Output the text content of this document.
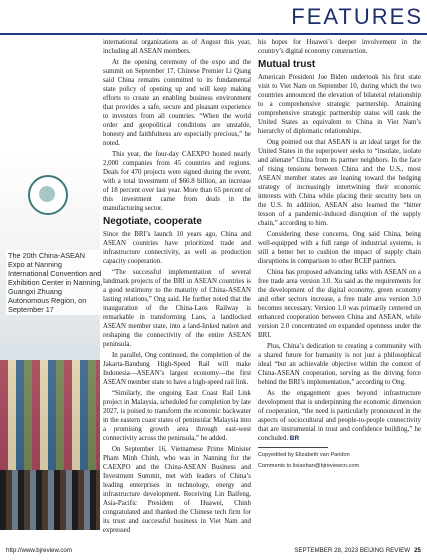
FEATURES
The 20th China-ASEAN Expo at Nanning International Convention and Exhibition Center in Nanning, Guangxi Zhuang Autonomous Region, on September 17

international organizations as of August this year, including all ASEAN members.

At the opening ceremony of the expo and the summit on September 17, Chinese Premier Li Qiang said China remains committed to its fundamental state policy of opening up and will keep making efforts to create an enabling business environment that provides a safe, secure and pleasant experience to investors from all countries. “When the world order and geopolitical conditions are unstable, honesty and faithfulness are especially precious,” he noted.

This year, the four-day CAEXPO hosted nearly 2,000 companies from 45 countries and regions. Deals for 470 projects were signed during the event, with a total investment of $66.8 billion, an increase of 18 percent over last year. More than 65 percent of this investment came from deals in the manufacturing sector.

Negotiate, cooperate

Since the BRI’s launch 10 years ago, China and ASEAN countries have prioritized trade and infrastructure connectivity, as well as production capacity cooperation.

“The successful implementation of several landmark projects of the BRI in ASEAN countries is a good testimony to the maturity of China-ASEAN lasting relations,” Ong said. He further noted that the inauguration of the China-Laos Railway is remarkable in transforming Laos, a landlocked ASEAN member state, into a land-linked nation and reshaping the connectivity of the entire ASEAN peninsula.

In parallel, Ong continued, the completion of the Jakarta-Bandung High-Speed Rail will make Indonesia—ASEAN’s largest economy—the first ASEAN member state to have a high-speed rail link.

“Similarly, the ongoing East Coast Rail Link project in Malaysia, scheduled for completion by late 2027, is poised to transform the economic backwater in the eastern coast states of peninsular Malaysia into a promising growth area through east-west connectivity across the peninsula,” he added.

On September 16, Vietnamese Prime Minister Pham Minh Chinh, who was in Nanning for the CAEXPO and the China-ASEAN Business and Investment Summit, met with leaders of China’s leading enterprises in technology, energy and infrastructure development. Receiving Lin Baifeng, Asia-Pacific President of Huawei, Chinh congratulated and thanked the Chinese tech firm for its trust and successful business in Viet Nam and expressed

his hopes for Huawei’s deeper involvement in the country’s digital economy construction.

Mutual trust

American President Joe Biden undertook his first state visit to Viet Nam on September 10, during which the two countries announced the elevation of bilateral relationship to a comprehensive strategic partnership. Attaining comprehensive strategic partnership status will rank the United States as equivalent to China in Viet Nam’s hierarchy of diplomatic relationships.

Ong pointed out that ASEAN is an ideal target for the United States in the superpower seeks to “insulate, isolate and alienate” China from its partner neighbors. In the face of rising tensions between China and the U.S., most ASEAN member states are leaning toward the hedging strategy of increasingly intertwining their economic interests with China while placing their security bets on the U.S. In addition, ASEAN also learned the “bitter lesson of a pandemic-induced disruption of the supply chain,” according to him.

Considering these concerns, Ong said China, being well-equipped with a full range of industrial systems, is still a better bet to cushion the impact of supply chain disruptions in comparison to other RCEP partners.

China has proposed advancing talks with ASEAN on a free trade area version 3.0. Xu said as the requirements for the development of the digital economy, green economy and other sectors increase, a free trade area version 3.0 becomes necessary. Version 1.0 was primarily centered on enhanced cooperation between China and ASEAN, while version 2.0 concentrated on expanded openness under the BRI.

Plus, China’s dedication to creating a community with a shared future for humanity is not just a philosophical ideal “but an achievable objective within the context of China-ASEAN cooperation, serving as the driving force behind the BRI’s implementation,” according to Ong.

As the engagement goes beyond infrastructure development that is underpinning the economic dimension of cooperation, “the need is particularly pronounced in the aspects of sociocultural and people-to-people connectivity that are instrumental in trust and confidence building,” he concluded. BR

Copyedited by Elizabeth van Paridon
Comments to lixiaohan@bjreviewcn.com
http://www.bjreview.com	SEPTEMBER 28, 2023 BEIJING REVIEW 25
